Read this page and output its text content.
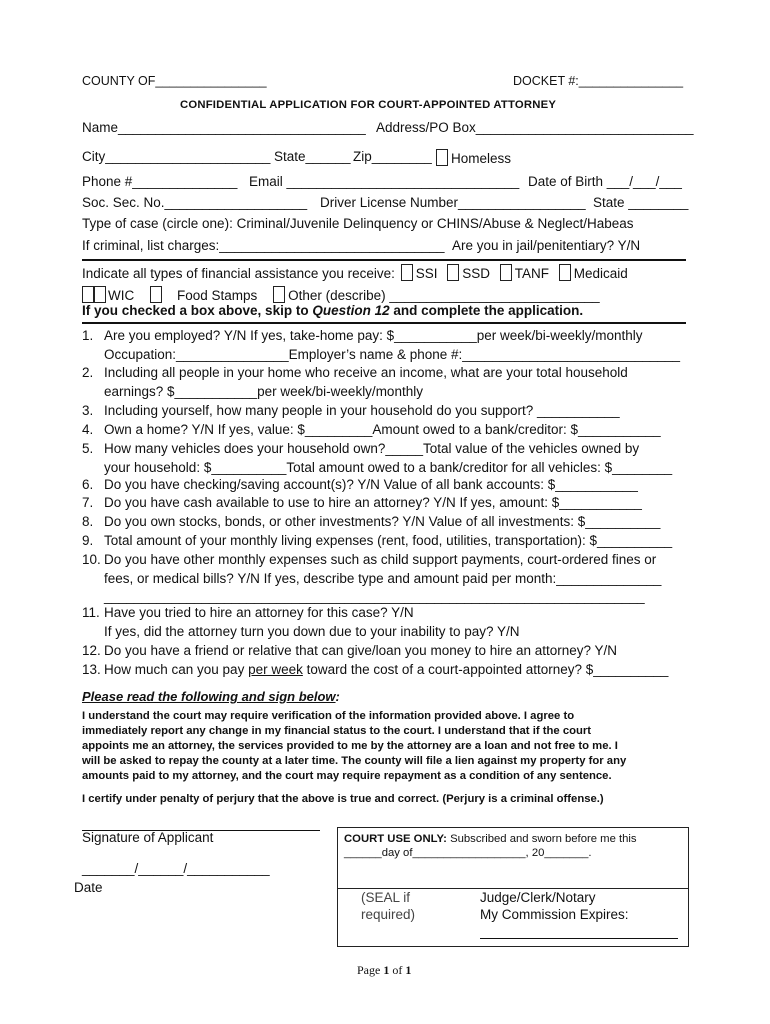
COUNTY OF________________	DOCKET #:_______________
CONFIDENTIAL APPLICATION FOR COURT-APPOINTED ATTORNEY
Name_________________________________ Address/PO Box_____________________________
City______________________ State______ Zip________	Homeless
Phone #______________ Email _______________________________ Date of Birth ___/___/___
Soc. Sec. No.___________________ Driver License Number_________________ State ________
Type of case (circle one): Criminal/Juvenile Delinquency or CHINS/Abuse & Neglect/Habeas
If criminal, list charges:______________________________ Are you in jail/penitentiary? Y/N
Indicate all types of financial assistance you receive: SSI SSD TANF Medicaid
WIC	Food Stamps Other (describe) ____________________________
If you checked a box above, skip to Question 12 and complete the application.
1. Are you employed? Y/N If yes, take-home pay: $___________per week/bi-weekly/monthly
Occupation:_______________Employer’s name & phone #:_____________________________
2. Including all people in your home who receive an income, what are your total household
earnings? $___________per week/bi-weekly/monthly
3. Including yourself, how many people in your household do you support? ___________
4. Own a home? Y/N If yes, value: $_________Amount owed to a bank/creditor: $___________
5. How many vehicles does your household own?_____Total value of the vehicles owned by
your household: $__________Total amount owed to a bank/creditor for all vehicles: $________
6. Do you have checking/saving account(s)? Y/N Value of all bank accounts: $___________
7. Do you have cash available to use to hire an attorney? Y/N If yes, amount: $___________
8. Do you own stocks, bonds, or other investments? Y/N Value of all investments: $__________
9. Total amount of your monthly living expenses (rent, food, utilities, transportation): $__________
10. Do you have other monthly expenses such as child support payments, court-ordered fines or
fees, or medical bills? Y/N If yes, describe type and amount paid per month:______________
________________________________________________________________________
11. Have you tried to hire an attorney for this case? Y/N
If yes, did the attorney turn you down due to your inability to pay? Y/N
12. Do you have a friend or relative that can give/loan you money to hire an attorney? Y/N
13. How much can you pay per week toward the cost of a court-appointed attorney? $__________
Please read the following and sign below:
I understand the court may require verification of the information provided above. I agree to
immediately report any change in my financial status to the court. I understand that if the court
appoints me an attorney, the services provided to me by the attorney are a loan and not free to me. I
will be asked to repay the county at a later time. The county will file a lien against my property for any
amounts paid to my attorney, and the court may require repayment as a condition of any sentence.
I certify under penalty of perjury that the above is true and correct. (Perjury is a criminal offense.)
Signature of Applicant
_______/______/___________
Date
COURT USE ONLY: Subscribed and sworn before me this
______day of__________________, 20_______.
(SEAL if
required)
Judge/Clerk/Notary
My Commission Expires:
Page 1 of 1
